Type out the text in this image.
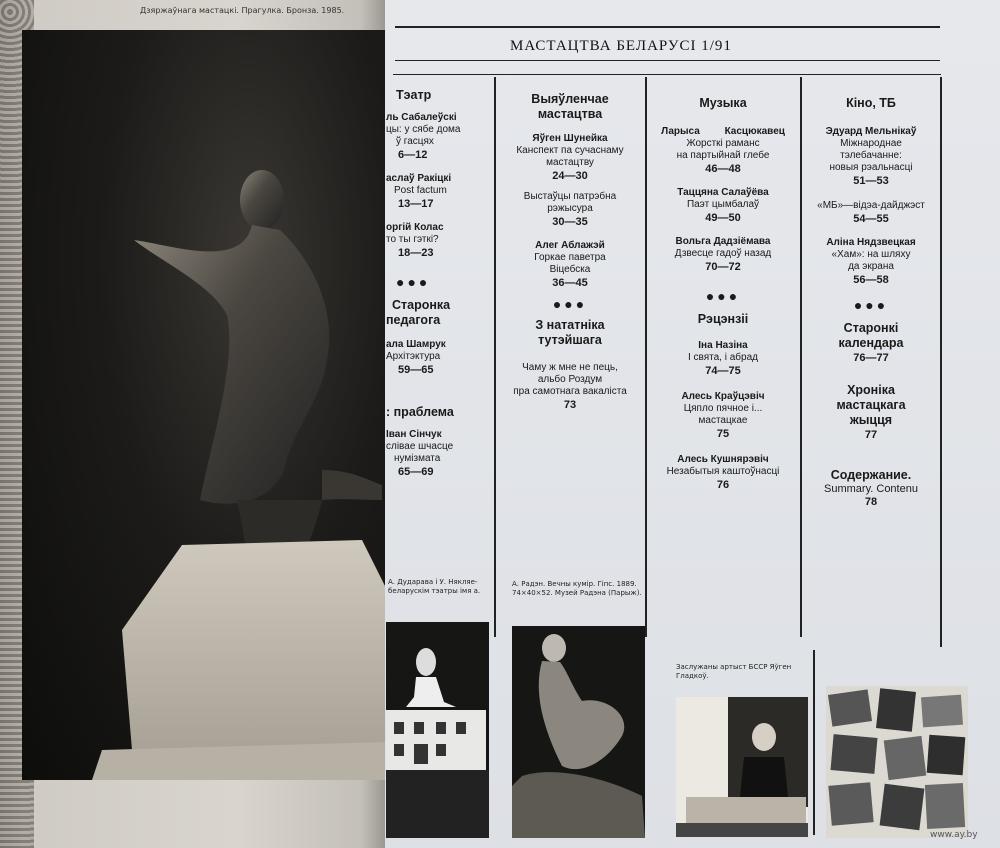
Дзяржаўнага мастацкі. Прагулка. Бронза. 1985.
МАСТАЦТВА БЕЛАРУСІ 1/91
Тэатр
ль Сабалеўскі
цы: у сябе дома
ў гасцях
6—12
аслаў Ракіцкі
Post factum
13—17
оргій Колас
то ты гэткі?
18—23
●●●
Старонка
педагога
ала Шамрук
Архітэктура
59—65
: праблема
Іван Сінчук
сліваe шчасце
нумізмата
65—69
А. Дударава і У. Някляе- беларускім тэатры імя а.
Выяўленчае
мастацтва
Яўген Шунейка
Канспект па сучаснаму
мастацтву
24—30
Выстаўцы патрэбна
рэжысура
30—35
Алег Аблажэй
Горкае паветра
Віцебска
36—45
●●●
З нататніка
тутэйшага
Чаму ж мне не пець,
альбо Роздум
пра самотнага вакаліста
73
А. Радэн. Вечны кумір. Гіпс. 1889. 74×40×52. Музей Радэна (Парыж).
Музыка
Ларыса Касцюкавец
Жорсткі раманс
на партыйнай глебе
46—48
Таццяна Салаўёва
Паэт цымбалаў
49—50
Вольга Дадзіёмава
Дзвесце гадоў назад
70—72
●●●
Рэцэнзіі
Іна Назіна
І свята, і абрад
74—75
Алесь Краўцэвіч
Цяпло пячное і...
мастацкае
75
Алесь Кушнярэвіч
Незабытыя каштоўнасці
76
Заслужаны артыст БССР Яўген Гладкоў.
Кіно, ТБ
Эдуард Мельнікаў
Міжнароднае
тэлебачанне:
новыя рэальнасці
51—53
«МБ»—відэа-дайджэст
54—55
Аліна Нядзвецкая
«Хам»: на шляху
да экрана
56—58
●●●
Старонкі
календара
76—77
Хроніка
мастацкага
жыцця
77
Содержание.
Summary. Contenu
78
www.ay.by
